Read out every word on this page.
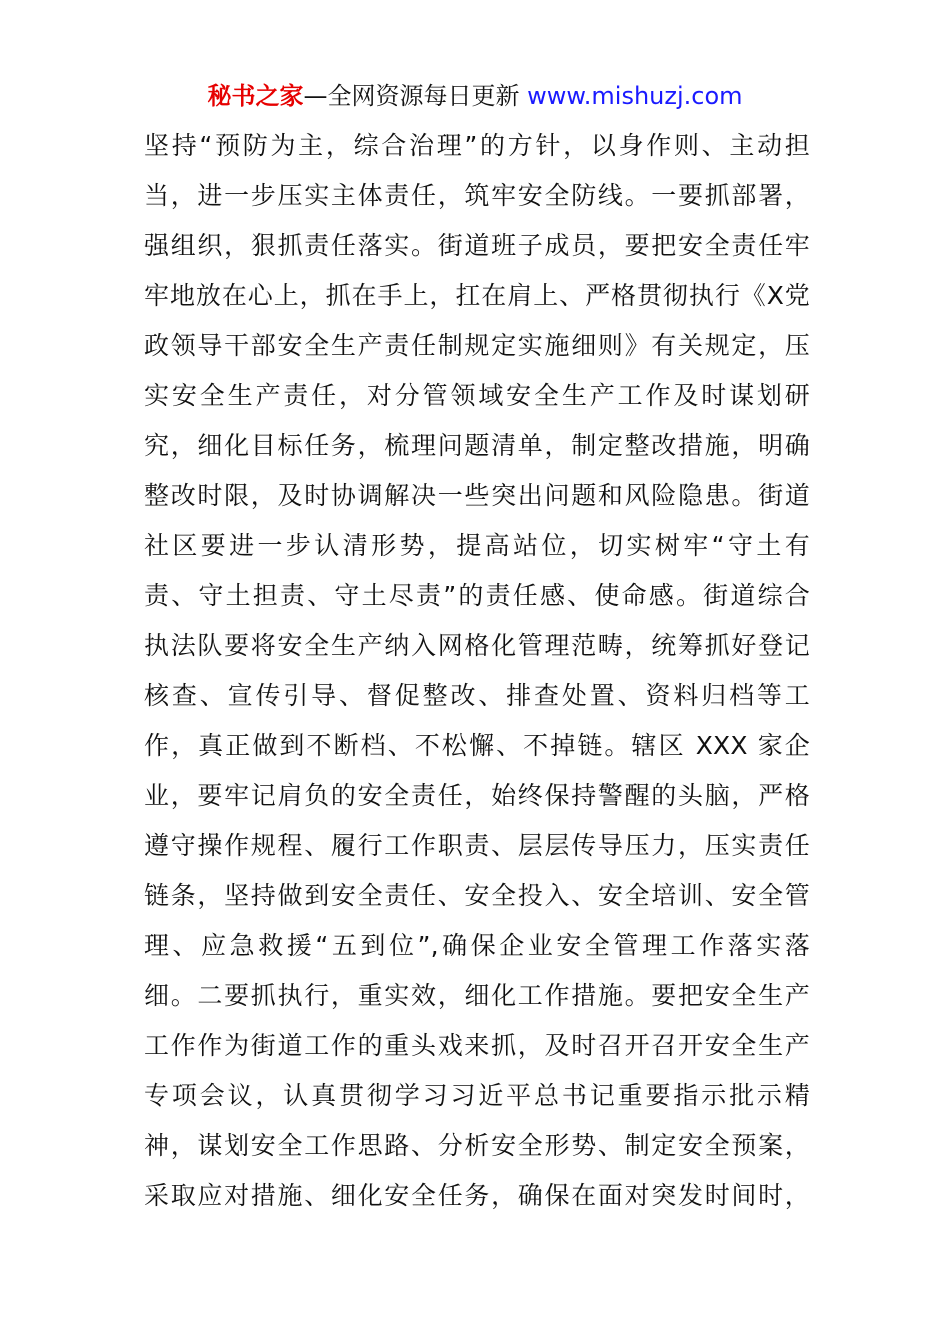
秘书之家—全网资源每日更新 www.mishuzj.com
坚持“预防为主，综合治理”的方针，以身作则、主动担
当，进一步压实主体责任，筑牢安全防线。一要抓部署，
强组织，狠抓责任落实。街道班子成员，要把安全责任牢
牢地放在心上，抓在手上，扛在肩上、严格贯彻执行《X党
政领导干部安全生产责任制规定实施细则》有关规定，压
实安全生产责任，对分管领域安全生产工作及时谋划研
究，细化目标任务，梳理问题清单，制定整改措施，明确
整改时限，及时协调解决一些突出问题和风险隐患。街道
社区要进一步认清形势，提高站位，切实树牢“守土有
责、守土担责、守土尽责”的责任感、使命感。街道综合
执法队要将安全生产纳入网格化管理范畴，统筹抓好登记
核查、宣传引导、督促整改、排查处置、资料归档等工
作，真正做到不断档、不松懈、不掉链。辖区 XXX 家企
业，要牢记肩负的安全责任，始终保持警醒的头脑，严格
遵守操作规程、履行工作职责、层层传导压力，压实责任
链条，坚持做到安全责任、安全投入、安全培训、安全管
理、应急救援“五到位”,确保企业安全管理工作落实落
细。二要抓执行，重实效，细化工作措施。要把安全生产
工作作为街道工作的重头戏来抓，及时召开召开安全生产
专项会议，认真贯彻学习习近平总书记重要指示批示精
神，谋划安全工作思路、分析安全形势、制定安全预案，
采取应对措施、细化安全任务，确保在面对突发时间时，
